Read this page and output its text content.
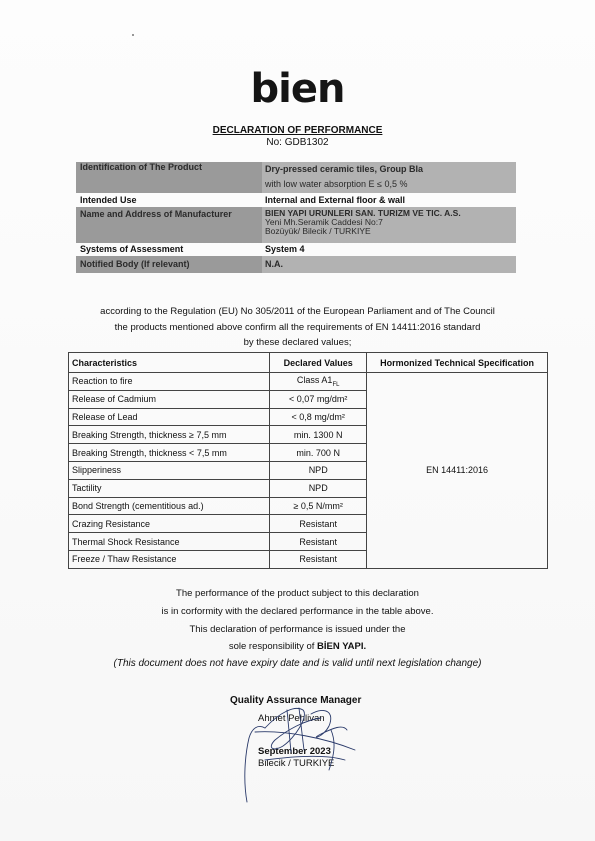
bien
DECLARATION OF PERFORMANCE
No: GDB1302
Identification of The Product	Dry-pressed ceramic tiles, Group BIa
with low water absorption E ≤ 0,5 %
Intended Use	Internal and External floor & wall
Name and Address of Manufacturer	BIEN YAPI URUNLERI SAN. TURIZM VE TIC. A.S.
Yeni Mh.Seramik Caddesi No:7
Bozüyük/ Bilecik / TURKIYE
Systems of Assessment	System 4
Notified Body (If relevant)	N.A.
according to the Regulation (EU) No 305/2011 of the European Parliament and of The Council
the products mentioned above confirm all the requirements of EN 14411:2016 standard
by these declared values;
Characteristics	Declared Values	Hormonized Technical Specification
Reaction to fire	Class $A1_{FL}$	EN 14411:2016
Release of Cadmium	< 0,07 mg/dm²	
Release of Lead	< 0,8 mg/dm²	
Breaking Strength, thickness ≥ 7,5 mm	min. 1300 N	
Breaking Strength, thickness < 7,5 mm	min. 700 N	
Slipperiness	NPD	
Tactility	NPD	
Bond Strength (cementitious ad.)	≥ 0,5 N/mm²	
Crazing Resistance	Resistant	
Thermal Shock Resistance	Resistant	
Freeze / Thaw Resistance	Resistant	
The performance of the product subject to this declaration
is in corformity with the declared performance in the table above.
This declaration of performance is issued under the
sole responsibility of BİEN YAPI.
(This document does not have expiry date and is valid until next legislation change)
Quality Assurance Manager
Ahmet Pehlivan
September 2023
Bilecik / TURKIYE
